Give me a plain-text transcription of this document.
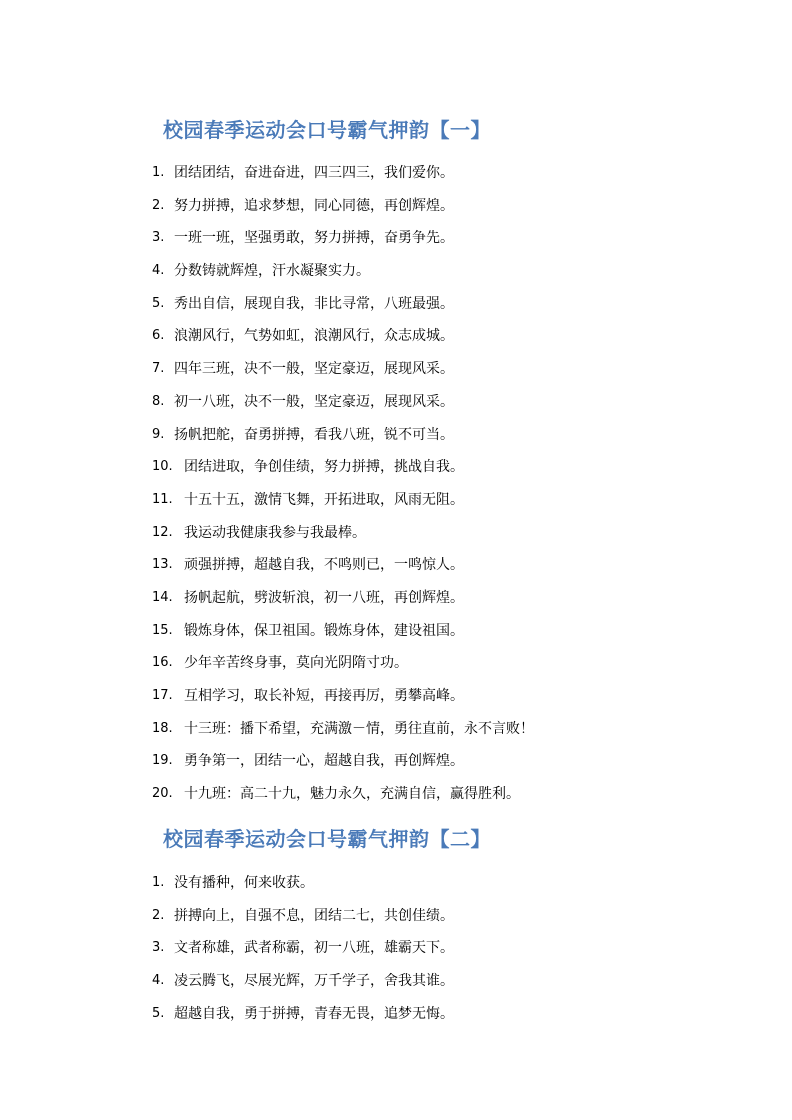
校园春季运动会口号霸气押韵【一】
1. 团结团结，奋进奋进，四三四三，我们爱你。
2. 努力拼搏，追求梦想，同心同德，再创辉煌。
3. 一班一班，坚强勇敢，努力拼搏，奋勇争先。
4. 分数铸就辉煌，汗水凝聚实力。
5. 秀出自信，展现自我，非比寻常，八班最强。
6. 浪潮风行，气势如虹，浪潮风行，众志成城。
7. 四年三班，决不一般，坚定豪迈，展现风采。
8. 初一八班，决不一般，坚定豪迈，展现风采。
9. 扬帆把舵，奋勇拼搏，看我八班，锐不可当。
10. 团结进取，争创佳绩，努力拼搏，挑战自我。
11. 十五十五，激情飞舞，开拓进取，风雨无阻。
12. 我运动我健康我参与我最棒。
13. 顽强拼搏，超越自我，不鸣则已，一鸣惊人。
14. 扬帆起航，劈波斩浪，初一八班，再创辉煌。
15. 锻炼身体，保卫祖国。锻炼身体，建设祖国。
16. 少年辛苦终身事，莫向光阴隋寸功。
17. 互相学习，取长补短，再接再厉，勇攀高峰。
18. 十三班：播下希望，充满激－情，勇往直前，永不言败！
19. 勇争第一，团结一心，超越自我，再创辉煌。
20. 十九班：高二十九，魅力永久，充满自信，赢得胜利。
校园春季运动会口号霸气押韵【二】
1. 没有播种，何来收获。
2. 拼搏向上，自强不息，团结二七，共创佳绩。
3. 文者称雄，武者称霸，初一八班，雄霸天下。
4. 凌云腾飞，尽展光辉，万千学子，舍我其谁。
5. 超越自我，勇于拼搏，青春无畏，追梦无悔。
